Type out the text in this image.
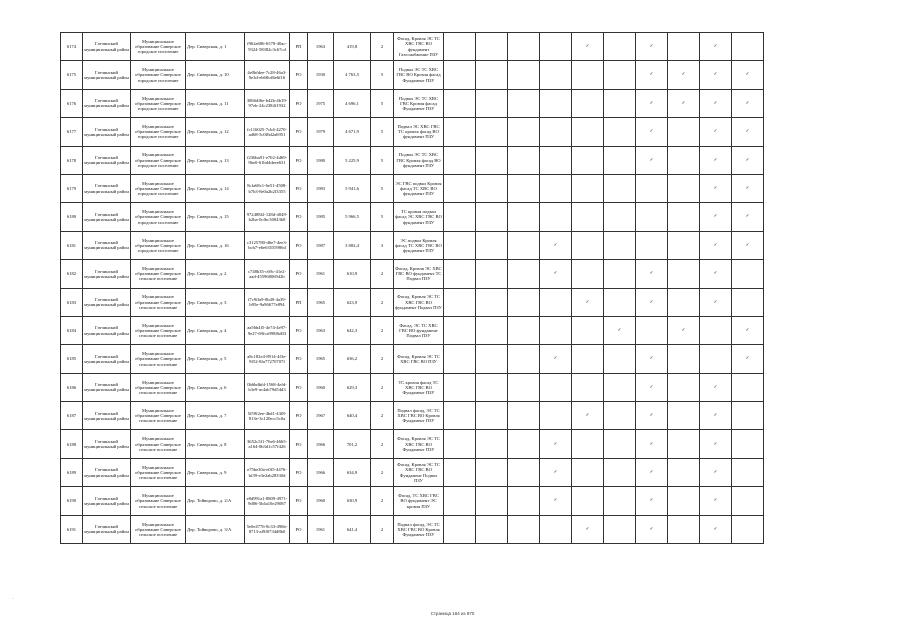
6174	Гатчинский муниципальный район	Муниципальное образование Сиверское городское поселение	Дер. Сиверская, д. 1	f962a686-6570-40ac-9324-58382c3c67cd	РП	1963	419,8	2	Фасад, Кровля ЭС ТС ХВС ГВС ВО фундамент Газоснабжение ПЗУ					✓		✓		✓	
6175	Гатчинский муниципальный район	Муниципальное образование Сиверское городское поселение	Дер. Сиверская, д. 10	4e0bfdee-7c28-46a3-9e3d-eb68cd6e6f16	РО	1930	4 763,5	5	Подвал ЭС ТС ХВС ГВС ВО Кровля фасад Фундамент ПЗУ							✓	✓	✓	✓
6176	Гатчинский муниципальный район	Муниципальное образование Сиверское городское поселение	Дер. Сиверская, д. 11	3866df6e-b42b-4b19-97eb-24c2384f1932	РО	1975	4 696,1	5	Подвал ЭС ТС ХВС ГВС Кровля фасад Фундамент ПЗУ							✓	✓	✓	✓
6177	Гатчинский муниципальный район	Муниципальное образование Сиверское городское поселение	Дер. Сиверская, д. 12	fc116025-7cb4-4270-ad68-5c0f6d2a6951	РО	1979	4 671,9	5	Подвал ЭС ХВС ГВС ТС кровля фасад ВО фундамент ПЗУ							✓		✓	✓
6178	Гатчинский муниципальный район	Муниципальное образование Сиверское городское поселение	Дер. Сиверская, д. 13	f236ba91-e702-4d69-9be0-61bd4deee631	РО	1980	5 225,9	5	Подвал ЭС ТС ХВС ГВС Кровля фасад ВО фундамент ПЗУ							✓		✓	✓
6179	Гатчинский муниципальный район	Муниципальное образование Сиверское городское поселение	Дер. Сиверская, д. 14	8cfa68c1-6e51-4508-b7b3-8e0a2b2f3355	РО	1983	5 941,6	5	ЭС ГВС подвал Кровля фасад ТС ХВС ВО фундамент ПЗУ									✓	✓
6180	Гатчинский муниципальный район	Муниципальное образование Сиверское городское поселение	Дер. Сиверская, д. 15	972488f2-128d-4049-b2ba-0cfbc30043b8	РО	1985	5 966,5	5	ТС кровля подвал фасад ЭС ХВС ГВС ВО фундамент ПЗУ									✓	✓
6181	Гатчинский муниципальный район	Муниципальное образование Сиверское городское поселение	Дер. Сиверская, д. 16	c3125780-d6e7-4ee3-bcb7-e6e63555986d	РО	1987	3 882,4	3	ЭС подвал Кровля фасад ТС ХВС ГВС ВО фундамент ПЗУ				✓					✓	✓
6182	Гатчинский муниципальный район	Муниципальное образование Сиверское сельское поселение	Дер. Сиверская, д. 2	c748b35-c69c-41e2-aad-45596806942b	РО	1961	610,9	2	Фасад, Кровля ЭС ХВС ГВС ВО фундамент ТС Подвал ПЗУ				✓			✓		✓	
6183	Гатчинский муниципальный район	Муниципальное образование Сиверское сельское поселение	Дер. Сиверская, д. 3	f7c9ffa9-0b49-4a39-b95e-9a96677e894	РП	1965	623,9	2	Фасад, Кровля ЭС ТС ХВС ГВС ВО фундамент Подвал ПЗУ					✓		✓		✓	
6184	Гатчинский муниципальный район	Муниципальное образование Сиверское сельское поселение	Дер. Сиверская, д. 4	aa56b4f5-4e74-4e97-9e27-69fca998f6d03	РО	1963	642,3	2	Фасад, ЭС ТС ХВС ГВС ВО фундамент Подвал ПЗУ						✓		✓		✓
6185	Гатчинский муниципальный район	Муниципальное образование Сиверское сельское поселение	Дер. Сиверская, д. 5	a8c182e4-8914-4f3e-9f52-8fa77270707f	РО	1965	636,2	2	Фасад, Кровля ЭС ТС ХВС ГВС ВО ПЗУ				✓			✓			✓
6186	Гатчинский муниципальный район	Муниципальное образование Сиверское сельское поселение	Дер. Сиверская, д. 6	0b6bdbfd-1568-4efd-b3e9-ac4ab79d54d3	РО	1960	629,3	2	ТС кровля фасад ТС ХВС ГВС ВО Фундамент ПЗУ							✓		✓	
6187	Гатчинский муниципальный район	Муниципальное образование Сиверское сельское поселение	Дер. Сиверская, д. 7	5f59f2ee-4bd1-43f8-813e-3c120ecc5c0a	РО	1967	640,4	2	Подвал фасад, ЭС ТС ХВС ГВС ВО Кровля Фундамент ПЗУ					✓		✓		✓	
6188	Гатчинский муниципальный район	Муниципальное образование Сиверское сельское поселение	Дер. Сиверская, д. 8	3652c5f1-76e6-4665-a164-0b3d1c57f426	РО	1966	701,2	2	Фасад, Кровля ЭС ТС ХВС ГВС ВО Фундамент ПЗУ				✓			✓		✓	
6189	Гатчинский муниципальный район	Муниципальное образование Сиверское сельское поселение	Дер. Сиверская, д. 9	e75be30a-e0f5-4476-bf39-e3e2ab28330d	РО	1966	634,9	2	Фасад, Кровля ЭС ТС ХВС ГВС ВО Фундамент Подвал ПЗУ				✓			✓		✓	
6190	Гатчинский муниципальный район	Муниципальное образование Сиверское сельское поселение	Дер. Тойворово, д. 2/A	e8d991a1-8809-4971-9d06-5b4a10e29087	РО	1960	630,9	2	Фасад, ТС ХВС ГВС ВО фундамент ЭС кровля ПЗУ				✓			✓		✓	
6191	Гатчинский муниципальный район	Муниципальное образование Сиверское сельское поселение	Дер. Тойворово, д. 3/A	5e0e4776-8c33-496b-8713-af9f0734d8b0	РО	1961	641,4	2	Подвал фасад, ЭС ТС ХВС ГВС ВО Кровля Фундамент ПЗУ					✓		✓		✓	
·
Страница 164 из 870
